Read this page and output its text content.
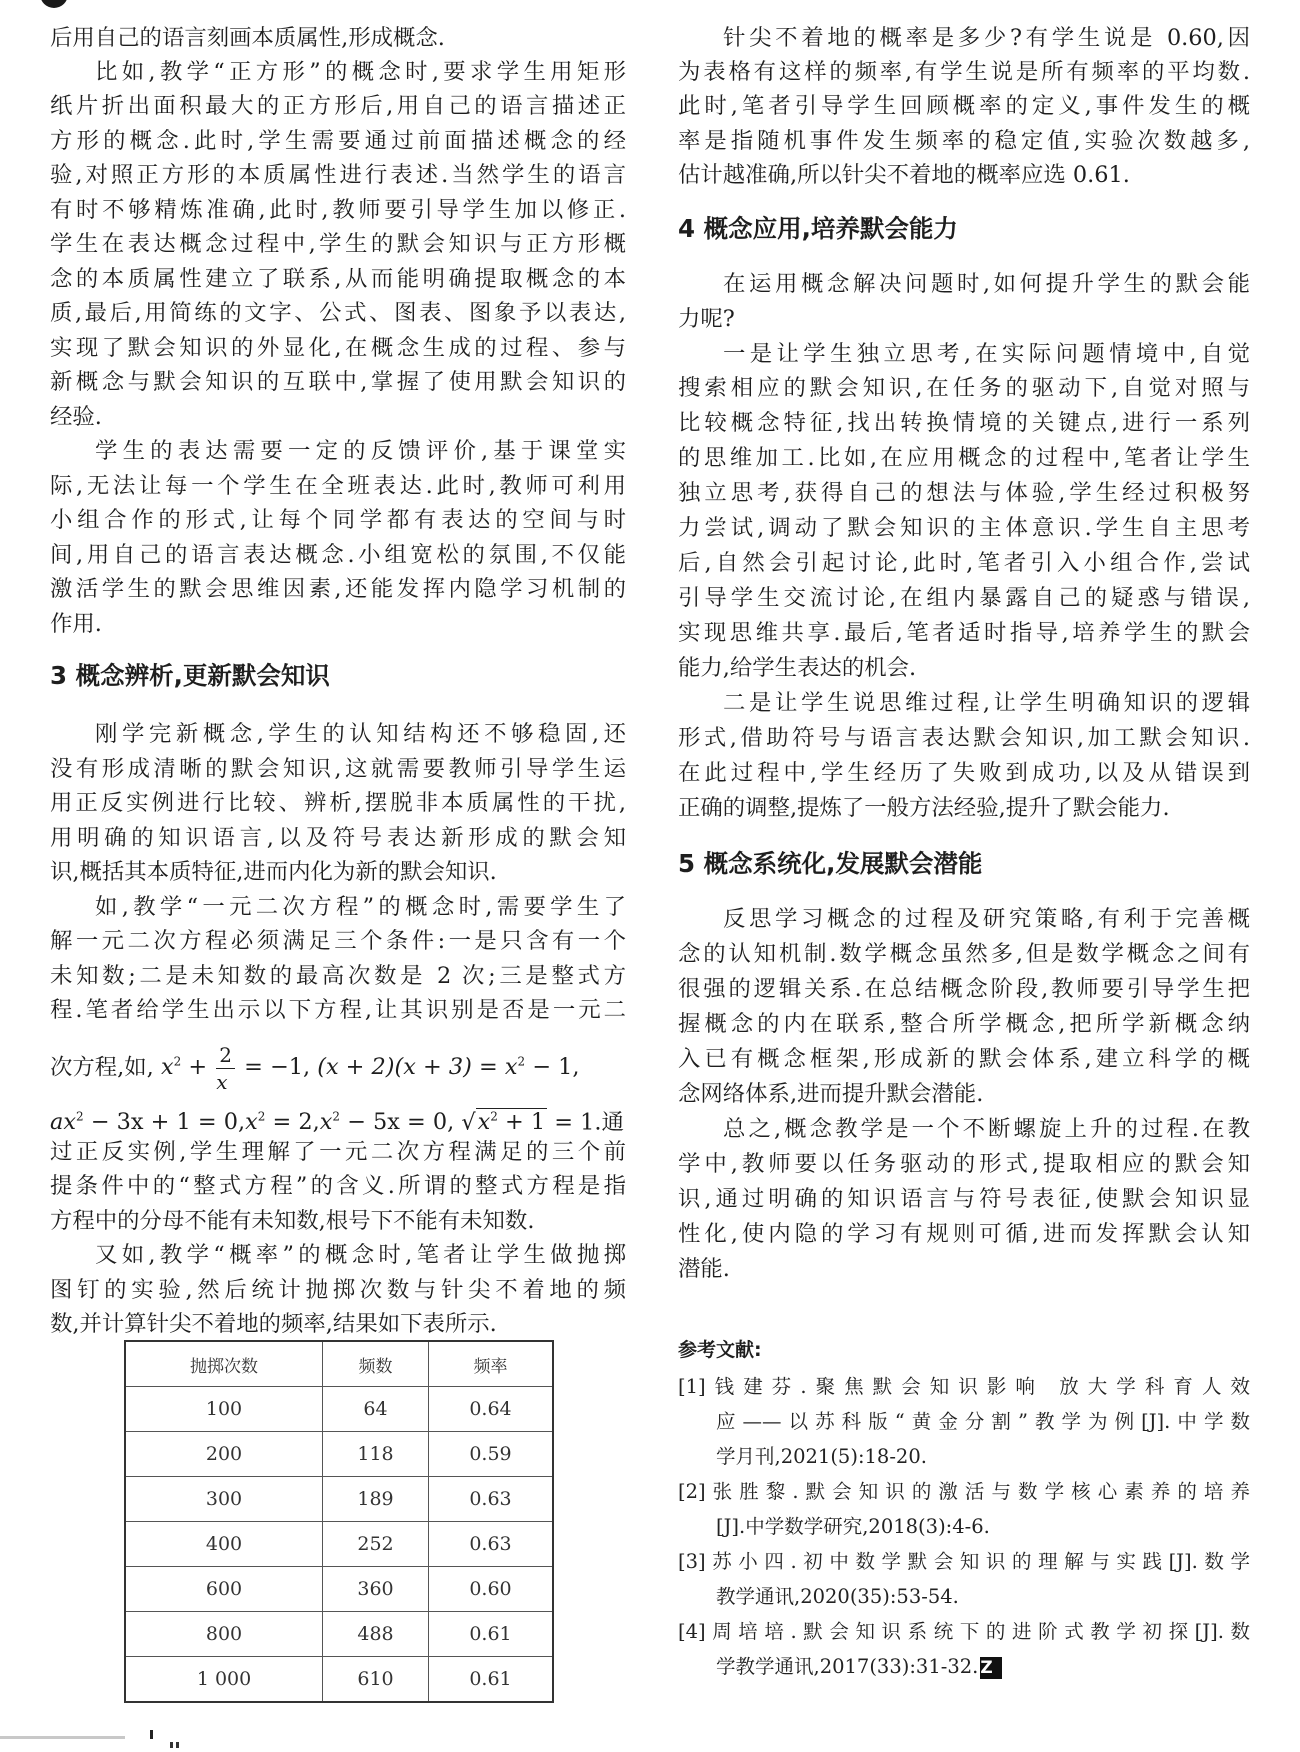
后用自己的语言刻画本质属性,形成概念.
比如,教学“正方形”的概念时,要求学生用矩形
纸片折出面积最大的正方形后,用自己的语言描述正
方形的概念.此时,学生需要通过前面描述概念的经
验,对照正方形的本质属性进行表述.当然学生的语言
有时不够精炼准确,此时,教师要引导学生加以修正.
学生在表达概念过程中,学生的默会知识与正方形概
念的本质属性建立了联系,从而能明确提取概念的本
质,最后,用简练的文字、公式、图表、图象予以表达,
实现了默会知识的外显化,在概念生成的过程、参与
新概念与默会知识的互联中,掌握了使用默会知识的
经验.
学生的表达需要一定的反馈评价,基于课堂实
际,无法让每一个学生在全班表达.此时,教师可利用
小组合作的形式,让每个同学都有表达的空间与时
间,用自己的语言表达概念.小组宽松的氛围,不仅能
激活学生的默会思维因素,还能发挥内隐学习机制的
作用.
3 概念辨析,更新默会知识
刚学完新概念,学生的认知结构还不够稳固,还
没有形成清晰的默会知识,这就需要教师引导学生运
用正反实例进行比较、辨析,摆脱非本质属性的干扰,
用明确的知识语言,以及符号表达新形成的默会知
识,概括其本质特征,进而内化为新的默会知识.
如,教学“一元二次方程”的概念时,需要学生了
解一元二次方程必须满足三个条件:一是只含有一个
未知数;二是未知数的最高次数是 2 次;三是整式方
程.笔者给学生出示以下方程,让其识别是否是一元二
次方程,如, $x^2 + \frac{2}{x} = -1$, $(x + 2)(x + 3) = x^2 - 1$,
$ax^2 - 3x + 1 = 0,x^2 = 2,x^2 - 5x = 0$, $√x^2 + 1 = 1$.通
过正反实例,学生理解了一元二次方程满足的三个前
提条件中的“整式方程”的含义.所谓的整式方程是指
方程中的分母不能有未知数,根号下不能有未知数.
又如,教学“概率”的概念时,笔者让学生做抛掷
图钉的实验,然后统计抛掷次数与针尖不着地的频
数,并计算针尖不着地的频率,结果如下表所示.
抛掷次数	频数	频率
100	64	0.64
200	118	0.59
300	189	0.63
400	252	0.63
600	360	0.60
800	488	0.61
1 000	610	0.61
针尖不着地的概率是多少?有学生说是 0.60,因
为表格有这样的频率,有学生说是所有频率的平均数.
此时,笔者引导学生回顾概率的定义,事件发生的概
率是指随机事件发生频率的稳定值,实验次数越多,
估计越准确,所以针尖不着地的概率应选 0.61.
4 概念应用,培养默会能力
在运用概念解决问题时,如何提升学生的默会能
力呢?
一是让学生独立思考,在实际问题情境中,自觉
搜索相应的默会知识,在任务的驱动下,自觉对照与
比较概念特征,找出转换情境的关键点,进行一系列
的思维加工.比如,在应用概念的过程中,笔者让学生
独立思考,获得自己的想法与体验,学生经过积极努
力尝试,调动了默会知识的主体意识.学生自主思考
后,自然会引起讨论,此时,笔者引入小组合作,尝试
引导学生交流讨论,在组内暴露自己的疑惑与错误,
实现思维共享.最后,笔者适时指导,培养学生的默会
能力,给学生表达的机会.
二是让学生说思维过程,让学生明确知识的逻辑
形式,借助符号与语言表达默会知识,加工默会知识.
在此过程中,学生经历了失败到成功,以及从错误到
正确的调整,提炼了一般方法经验,提升了默会能力.
5 概念系统化,发展默会潜能
反思学习概念的过程及研究策略,有利于完善概
念的认知机制.数学概念虽然多,但是数学概念之间有
很强的逻辑关系.在总结概念阶段,教师要引导学生把
握概念的内在联系,整合所学概念,把所学新概念纳
入已有概念框架,形成新的默会体系,建立科学的概
念网络体系,进而提升默会潜能.
总之,概念教学是一个不断螺旋上升的过程.在教
学中,教师要以任务驱动的形式,提取相应的默会知
识,通过明确的知识语言与符号表征,使默会知识显
性化,使内隐的学习有规则可循,进而发挥默会认知
潜能.
参考文献:
[1]钱建芬.聚焦默会知识影响 放大学科育人效
应——以苏科版“黄金分割”教学为例[J].中学数
学月刊,2021(5):18-20.
[2]张胜黎.默会知识的激活与数学核心素养的培养
[J].中学数学研究,2018(3):4-6.
[3]苏小四.初中数学默会知识的理解与实践[J].数学
教学通讯,2020(35):53-54.
[4]周培培.默会知识系统下的进阶式教学初探[J].数
学教学通讯,2017(33):31-32. Z
